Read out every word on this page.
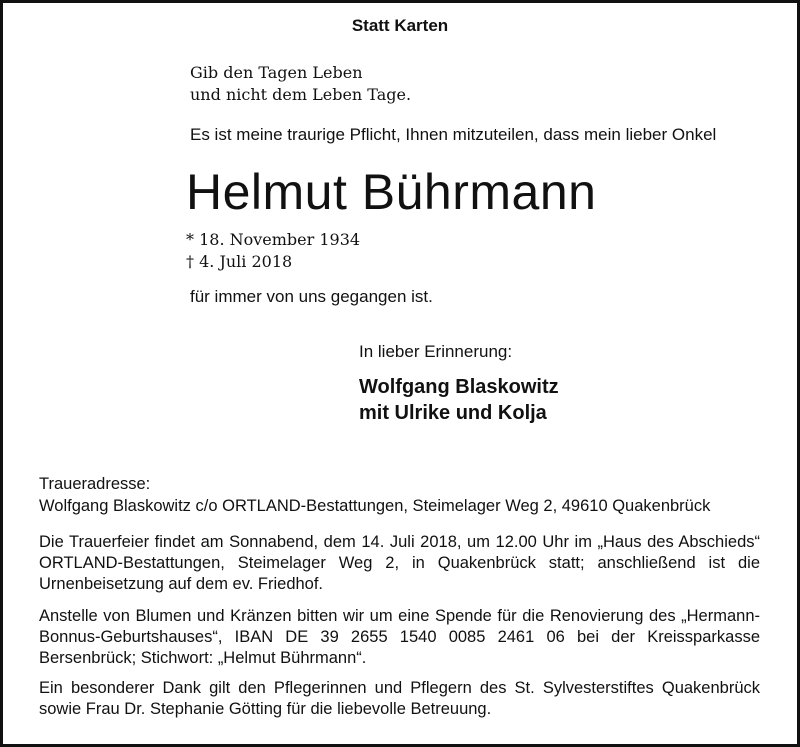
Statt Karten
Gib den Tagen Leben
und nicht dem Leben Tage.
Es ist meine traurige Pflicht, Ihnen mitzuteilen, dass mein lieber Onkel
Helmut Bührmann
* 18. November 1934
† 4. Juli 2018
für immer von uns gegangen ist.
In lieber Erinnerung:
Wolfgang Blaskowitz
mit Ulrike und Kolja
Traueradresse:
Wolfgang Blaskowitz c/o ORTLAND-Bestattungen, Steimelager Weg 2, 49610 Quakenbrück
Die Trauerfeier findet am Sonnabend, dem 14. Juli 2018, um 12.00 Uhr im „Haus des Abschieds“ ORTLAND-Bestattungen, Steimelager Weg 2, in Quakenbrück statt; anschließend ist die Urnenbeisetzung auf dem ev. Friedhof.
Anstelle von Blumen und Kränzen bitten wir um eine Spende für die Renovierung des „Hermann-Bonnus-Geburtshauses“, IBAN DE 39 2655 1540 0085 2461 06 bei der Kreissparkasse Bersenbrück; Stichwort: „Helmut Bührmann“.
Ein besonderer Dank gilt den Pflegerinnen und Pflegern des St. Sylvesterstiftes Quakenbrück sowie Frau Dr. Stephanie Götting für die liebevolle Betreuung.
